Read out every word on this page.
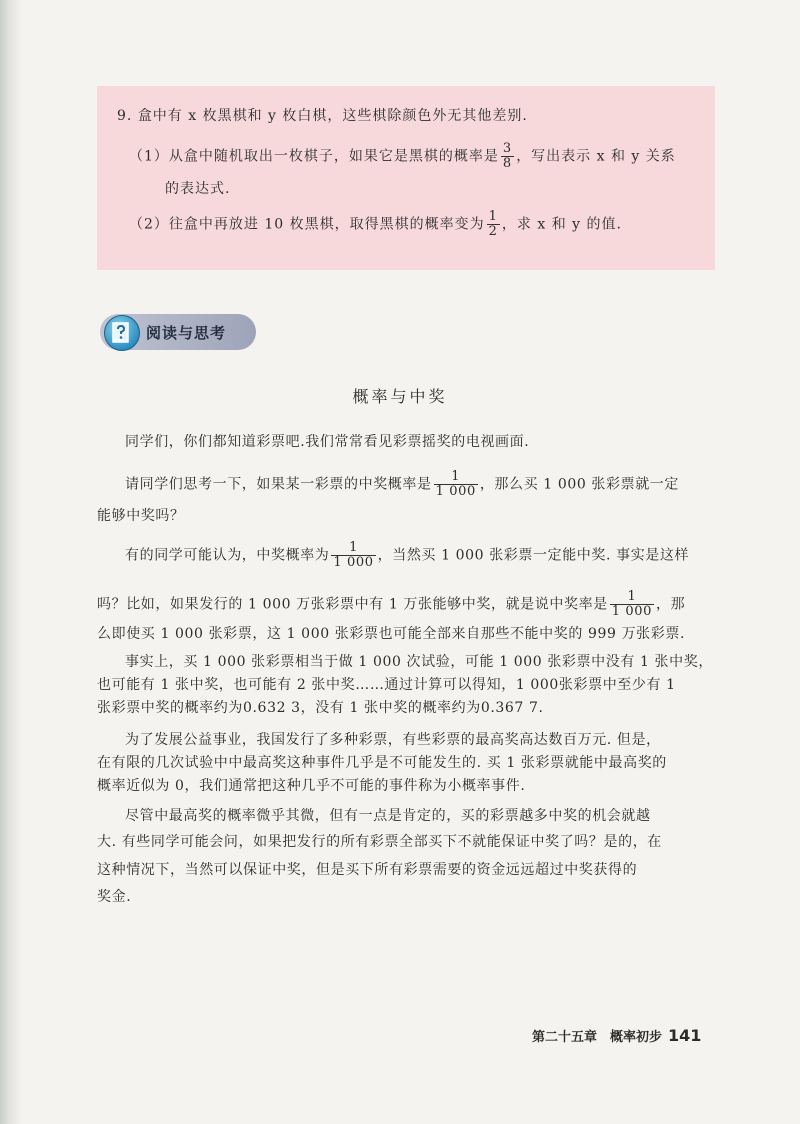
9. 盒中有 x 枚黑棋和 y 枚白棋，这些棋除颜色外无其他差别.
（1）从盒中随机取出一枚棋子，如果它是黑棋的概率是 $\frac{3}{8}$ ，写出表示 x 和 y 关系
的表达式.
（2）往盒中再放进 10 枚黑棋，取得黑棋的概率变为 $\frac{1}{2}$ ，求 x 和 y 的值.
阅读与思考
概率与中奖
同学们，你们都知道彩票吧.我们常常看见彩票摇奖的电视画面.
请同学们思考一下，如果某一彩票的中奖概率是 $\frac{1}{1 000}$ ，那么买 1 000 张彩票就一定
能够中奖吗？
有的同学可能认为，中奖概率为 $\frac{1}{1 000}$ ，当然买 1 000 张彩票一定能中奖. 事实是这样
吗？比如，如果发行的 1 000 万张彩票中有 1 万张能够中奖，就是说中奖率是 $\frac{1}{1 000}$ ，那
么即使买 1 000 张彩票，这 1 000 张彩票也可能全部来自那些不能中奖的 999 万张彩票.
事实上，买 1 000 张彩票相当于做 1 000 次试验，可能 1 000 张彩票中没有 1 张中奖，
也可能有 1 张中奖，也可能有 2 张中奖……通过计算可以得知，1 000张彩票中至少有 1
张彩票中奖的概率约为0.632 3，没有 1 张中奖的概率约为0.367 7.
为了发展公益事业，我国发行了多种彩票，有些彩票的最高奖高达数百万元. 但是，
在有限的几次试验中中最高奖这种事件几乎是不可能发生的. 买 1 张彩票就能中最高奖的
概率近似为 0，我们通常把这种几乎不可能的事件称为小概率事件.
尽管中最高奖的概率微乎其微，但有一点是肯定的，买的彩票越多中奖的机会就越
大. 有些同学可能会问，如果把发行的所有彩票全部买下不就能保证中奖了吗？是的，在
这种情况下，当然可以保证中奖，但是买下所有彩票需要的资金远远超过中奖获得的
奖金.
第二十五章　概率初步 141
